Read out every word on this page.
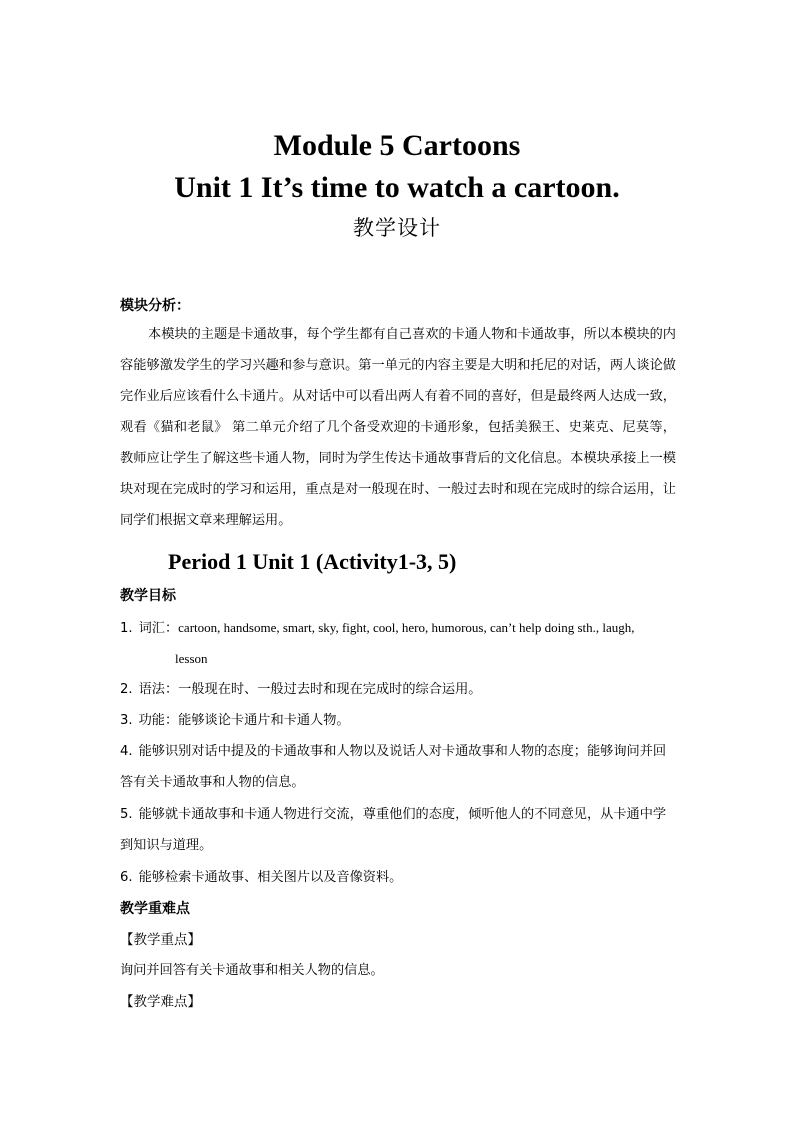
Module 5 Cartoons
Unit 1 It’s time to watch a cartoon.
教学设计
模块分析：
本模块的主题是卡通故事，每个学生都有自己喜欢的卡通人物和卡通故事，所以本模块的内容能够激发学生的学习兴趣和参与意识。第一单元的内容主要是大明和托尼的对话，两人谈论做完作业后应该看什么卡通片。从对话中可以看出两人有着不同的喜好，但是最终两人达成一致，观看《猫和老鼠》 第二单元介绍了几个备受欢迎的卡通形象，包括美猴王、史莱克、尼莫等，教师应让学生了解这些卡通人物，同时为学生传达卡通故事背后的文化信息。本模块承接上一模块对现在完成时的学习和运用，重点是对一般现在时、一般过去时和现在完成时的综合运用，让同学们根据文章来理解运用。
Period 1 Unit 1 (Activity1-3, 5)
教学目标
1. 词汇：cartoon, handsome, smart, sky, fight, cool, hero, humorous, can’t help doing sth., laugh,
lesson
2. 语法：一般现在时、一般过去时和现在完成时的综合运用。
3. 功能：能够谈论卡通片和卡通人物。
4. 能够识别对话中提及的卡通故事和人物以及说话人对卡通故事和人物的态度；能够询问并回答有关卡通故事和人物的信息。
5. 能够就卡通故事和卡通人物进行交流，尊重他们的态度，倾听他人的不同意见，从卡通中学到知识与道理。
6. 能够检索卡通故事、相关图片以及音像资料。
教学重难点
【教学重点】
询问并回答有关卡通故事和相关人物的信息。
【教学难点】
